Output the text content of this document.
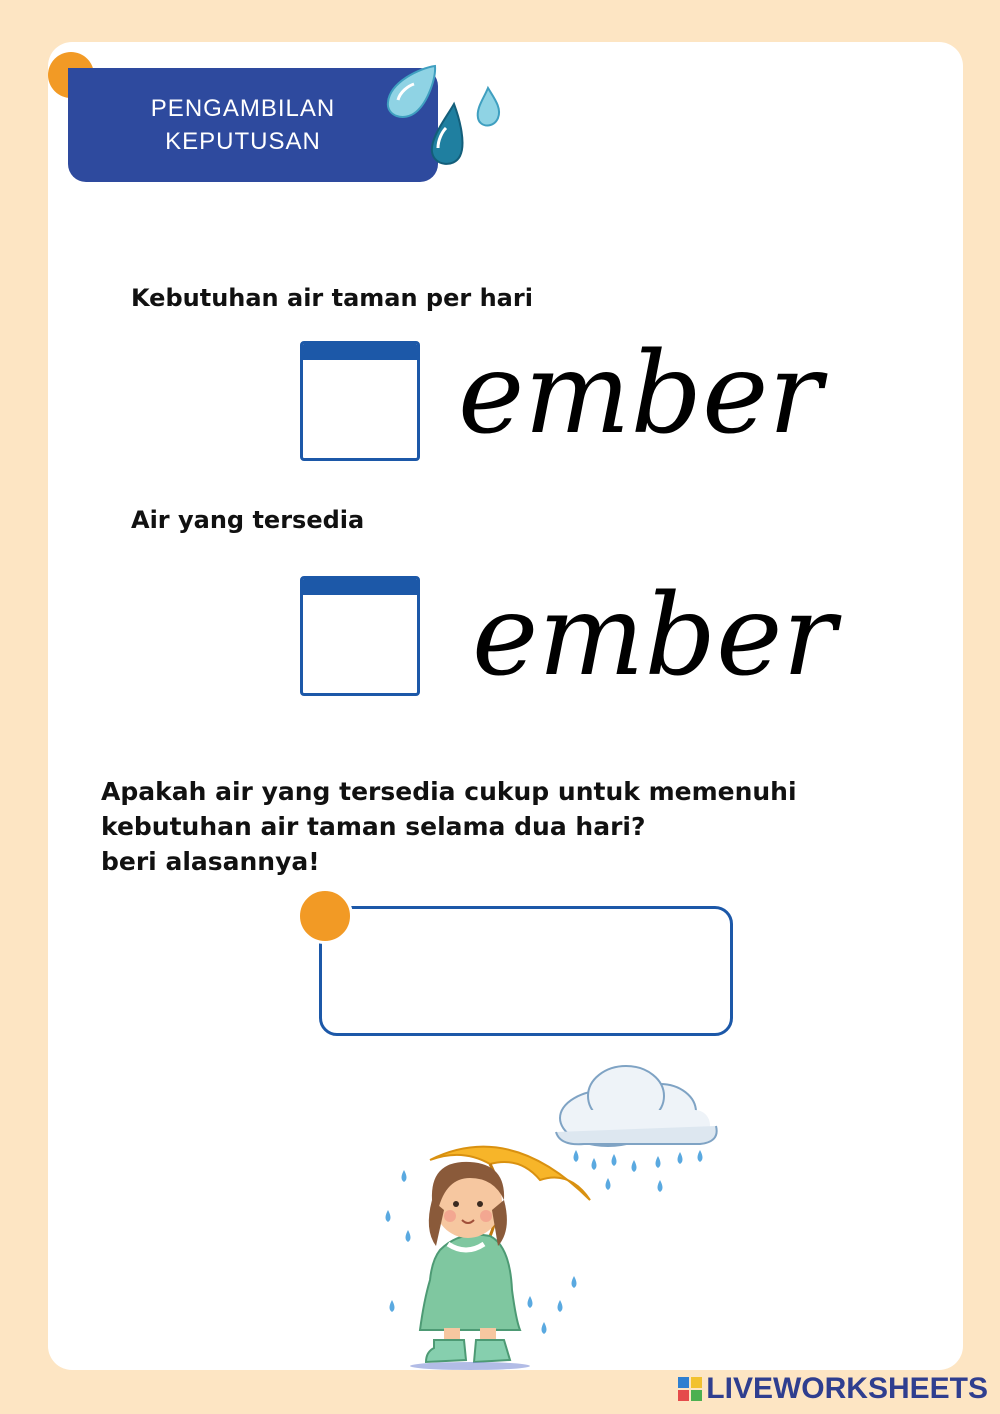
PENGAMBILAN
KEPUTUSAN
Kebutuhan air taman per hari
ember
Air yang tersedia
ember
Apakah air yang tersedia cukup untuk memenuhi
kebutuhan air taman selama dua hari?
beri alasannya!
LIVEWORKSHEETS
